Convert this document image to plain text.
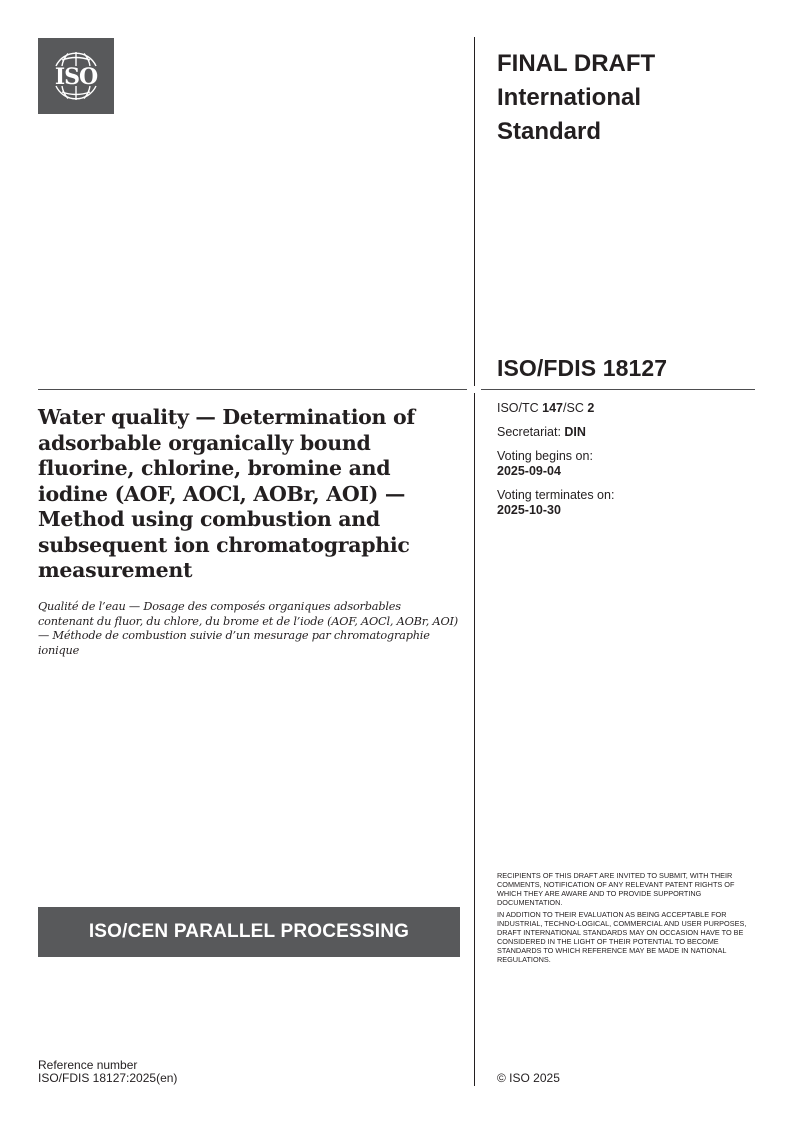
ISO	FINAL DRAFT
International
Standard
ISO/FDIS 18127
ISO/TC 147/SC 2
Secretariat: DIN
Voting begins on:
2025-09-04
Voting terminates on:
2025-10-30
Water quality — Determination of adsorbable organically bound fluorine, chlorine, bromine and iodine (AOF, AOCl, AOBr, AOI) — Method using combustion and subsequent ion chromatographic measurement
Qualité de l’eau — Dosage des composés organiques adsorbables contenant du fluor, du chlore, du brome et de l’iode (AOF, AOCl, AOBr, AOI) — Méthode de combustion suivie d’un mesurage par chromatographie ionique

RECIPIENTS OF THIS DRAFT ARE INVITED TO SUBMIT, WITH THEIR COMMENTS, NOTIFICATION OF ANY RELEVANT PATENT RIGHTS OF WHICH THEY ARE AWARE AND TO PROVIDE SUPPORTING DOCUMENTATION.

IN ADDITION TO THEIR EVALUATION AS BEING ACCEPTABLE FOR INDUSTRIAL, TECHNO-LOGICAL, COMMERCIAL AND USER PURPOSES, DRAFT INTERNATIONAL STANDARDS MAY ON OCCASION HAVE TO BE CONSIDERED IN THE LIGHT OF THEIR POTENTIAL TO BECOME STANDARDS TO WHICH REFERENCE MAY BE MADE IN NATIONAL REGULATIONS.

ISO/CEN PARALLEL PROCESSING
Reference number
ISO/FDIS 18127:2025(en)	© ISO 2025
